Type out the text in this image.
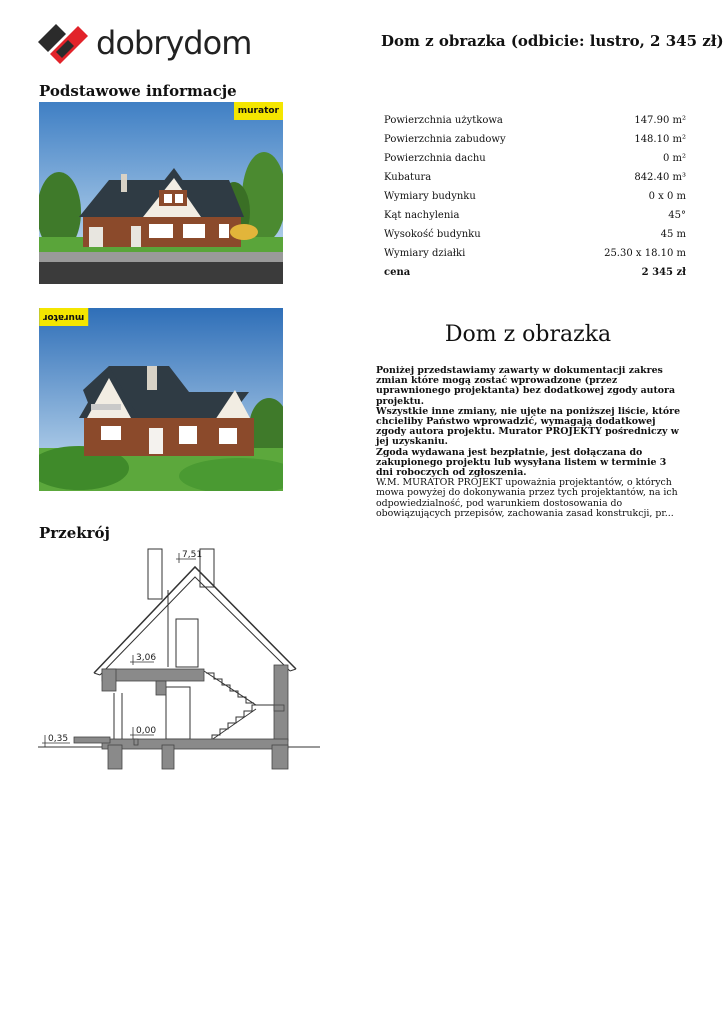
dobrydom	Dom z obrazka (odbicie: lustro, 2 345 zł)
Podstawowe informacje
murator
murator
Powierzchnia użytkowa	147.90 m²
Powierzchnia zabudowy	148.10 m²
Powierzchnia dachu	0 m²
Kubatura	842.40 m³
Wymiary budynku	0 x 0 m
Kąt nachylenia	45°
Wysokość budynku	45 m
Wymiary działki	25.30 x 18.10 m
cena	2 345 zł
Dom z obrazka

Poniżej przedstawiamy zawarty w dokumentacji zakres zmian które mogą zostać wprowadzone (przez uprawnionego projektanta) bez dodatkowej zgody autora projektu.

Wszystkie inne zmiany, nie ujęte na poniższej liście, które chcieliby Państwo wprowadzić, wymagają dodatkowej zgody autora projektu. Murator PROJEKTY pośredniczy w jej uzyskaniu.

Zgoda wydawana jest bezpłatnie, jest dołączana do zakupionego projektu lub wysyłana listem w terminie 3 dni roboczych od zgłoszenia.

W.M. MURATOR PROJEKT upoważnia projektantów, o których mowa powyżej do dokonywania przez tych projektantów, na ich odpowiedzialność, pod warunkiem dostosowania do obowiązujących przepisów, zachowania zasad konstrukcji, pr...

Przekrój
7,51
3,06
0,00
0,35
